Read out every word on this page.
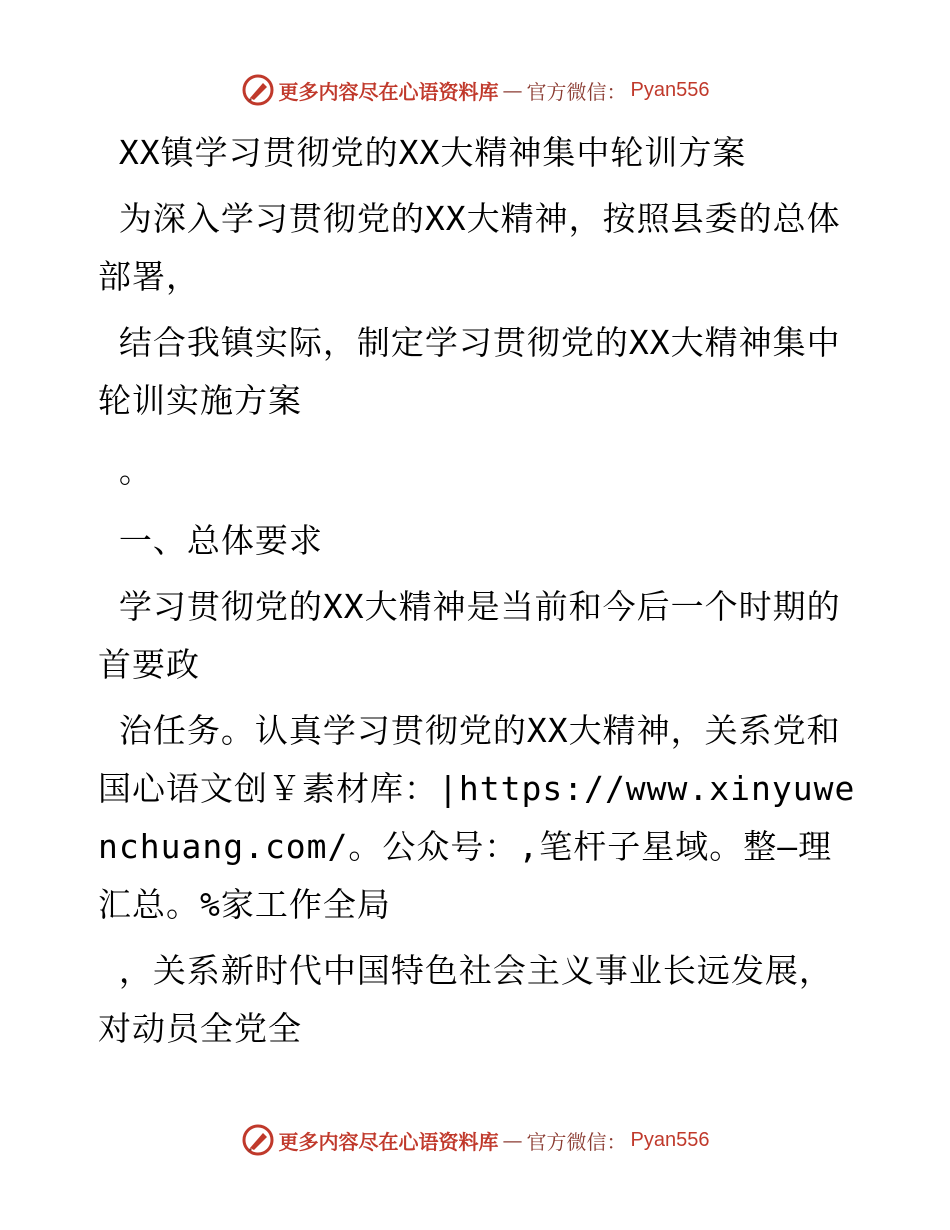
更多内容尽在心语资料库 — 官方微信： Pyan556
XX镇学习贯彻党的XX大精神集中轮训方案
为深入学习贯彻党的XX大精神，按照县委的总体部署，
结合我镇实际，制定学习贯彻党的XX大精神集中轮训实施方案
。
一、总体要求
学习贯彻党的XX大精神是当前和今后一个时期的首要政
治任务。认真学习贯彻党的XX大精神，关系党和国心语文创￥素材库：|https://www.xinyuwenchuang.com/。公众号：,笔杆子星域。整—理汇总。%家工作全局
，关系新时代中国特色社会主义事业长远发展，对动员全党全
更多内容尽在心语资料库 — 官方微信： Pyan556
